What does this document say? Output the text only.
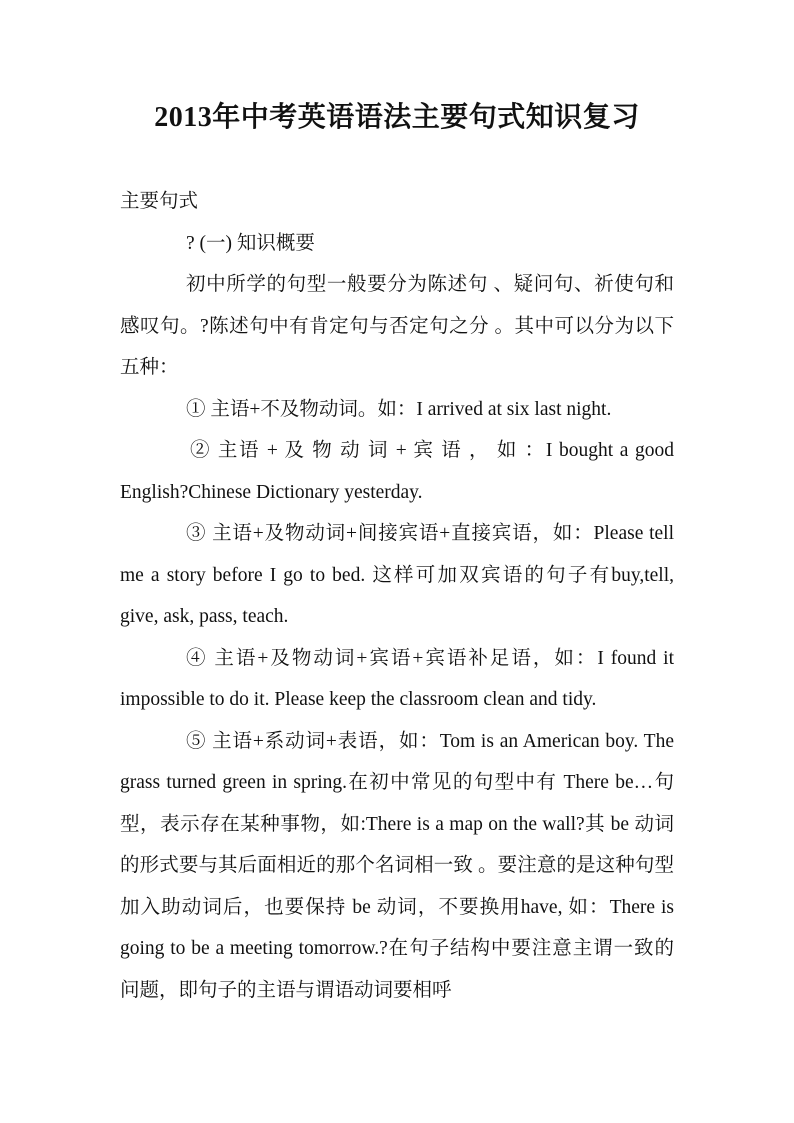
2013年中考英语语法主要句式知识复习

主要句式

? (一) 知识概要

初中所学的句型一般要分为陈述句 、疑问句、祈使句和感叹句。?陈述句中有肯定句与否定句之分 。其中可以分为以下五种：

① 主语+不及物动词。如：I arrived at six last night.

② 主语 + 及 物 动 词 + 宾 语 ， 如 ：I bought a good English?Chinese Dictionary yesterday.

③ 主语+及物动词+间接宾语+直接宾语，如：Please tell me a story before I go to bed. 这样可加双宾语的句子有buy,tell, give, ask, pass, teach.

④ 主语+及物动词+宾语+宾语补足语，如：I found it impossible to do it. Please keep the classroom clean and tidy.

⑤ 主语+系动词+表语，如：Tom is an American boy. The grass turned green in spring.在初中常见的句型中有 There be…句型，表示存在某种事物，如:There is a map on the wall?其 be 动词的形式要与其后面相近的那个名词相一致 。要注意的是这种句型加入助动词后，也要保持 be 动词，不要换用have, 如：There is going to be a meeting tomorrow.?在句子结构中要注意主谓一致的问题，即句子的主语与谓语动词要相呼
